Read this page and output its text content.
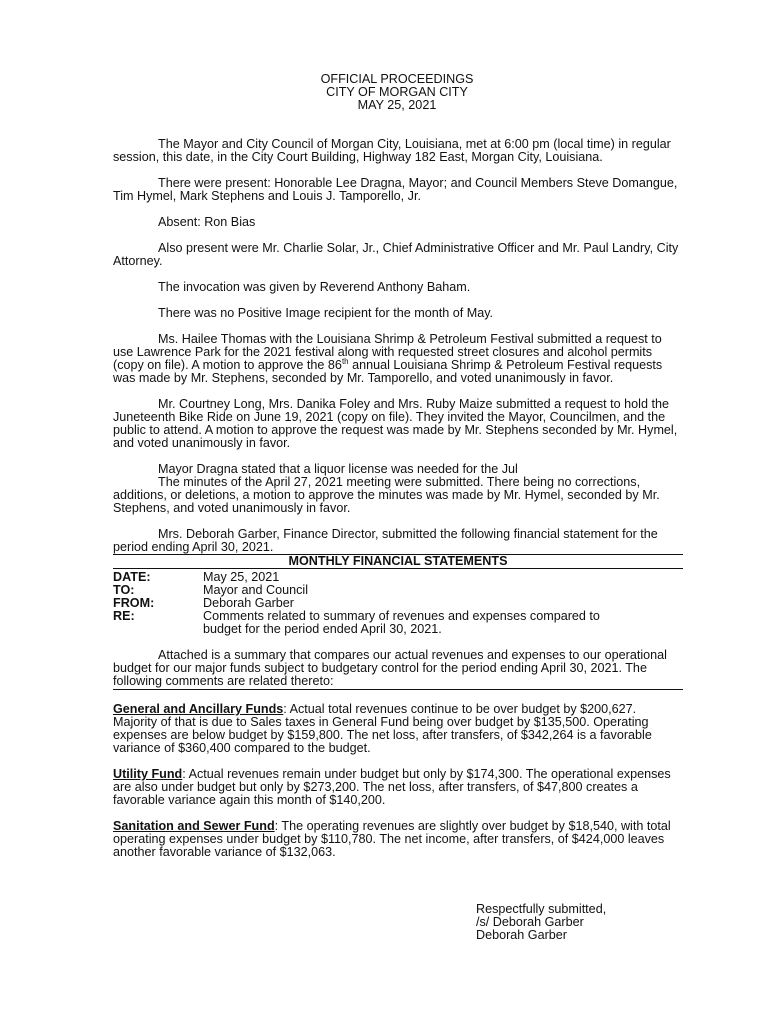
OFFICIAL PROCEEDINGS
CITY OF MORGAN CITY
MAY 25, 2021

The Mayor and City Council of Morgan City, Louisiana, met at 6:00 pm (local time) in regular session, this date, in the City Court Building, Highway 182 East, Morgan City, Louisiana.

There were present: Honorable Lee Dragna, Mayor; and Council Members Steve Domangue, Tim Hymel, Mark Stephens and Louis J. Tamporello, Jr.

Absent: Ron Bias

Also present were Mr. Charlie Solar, Jr., Chief Administrative Officer and Mr. Paul Landry, City Attorney.

The invocation was given by Reverend Anthony Baham.

There was no Positive Image recipient for the month of May.

Ms. Hailee Thomas with the Louisiana Shrimp & Petroleum Festival submitted a request to use Lawrence Park for the 2021 festival along with requested street closures and alcohol permits (copy on file). A motion to approve the 86th annual Louisiana Shrimp & Petroleum Festival requests was made by Mr. Stephens, seconded by Mr. Tamporello, and voted unanimously in favor.

Mr. Courtney Long, Mrs. Danika Foley and Mrs. Ruby Maize submitted a request to hold the Juneteenth Bike Ride on June 19, 2021 (copy on file). They invited the Mayor, Councilmen, and the public to attend. A motion to approve the request was made by Mr. Stephens seconded by Mr. Hymel, and voted unanimously in favor.

Mayor Dragna stated that a liquor license was needed for the Jul

The minutes of the April 27, 2021 meeting were submitted. There being no corrections, additions, or deletions, a motion to approve the minutes was made by Mr. Hymel, seconded by Mr. Stephens, and voted unanimously in favor.

Mrs. Deborah Garber, Finance Director, submitted the following financial statement for the period ending April 30, 2021.

MONTHLY FINANCIAL STATEMENTS
DATE:	May 25, 2021
TO:	Mayor and Council
FROM:	Deborah Garber
RE:	Comments related to summary of revenues and expenses compared to
budget for the period ended April 30, 2021.

Attached is a summary that compares our actual revenues and expenses to our operational budget for our major funds subject to budgetary control for the period ending April 30, 2021. The following comments are related thereto:

General and Ancillary Funds: Actual total revenues continue to be over budget by $200,627. Majority of that is due to Sales taxes in General Fund being over budget by $135,500. Operating expenses are below budget by $159,800. The net loss, after transfers, of $342,264 is a favorable variance of $360,400 compared to the budget.

Utility Fund: Actual revenues remain under budget but only by $174,300. The operational expenses are also under budget but only by $273,200. The net loss, after transfers, of $47,800 creates a favorable variance again this month of $140,200.

Sanitation and Sewer Fund: The operating revenues are slightly over budget by $18,540, with total operating expenses under budget by $110,780. The net income, after transfers, of $424,000 leaves another favorable variance of $132,063.

Respectfully submitted,
/s/ Deborah Garber
Deborah Garber
